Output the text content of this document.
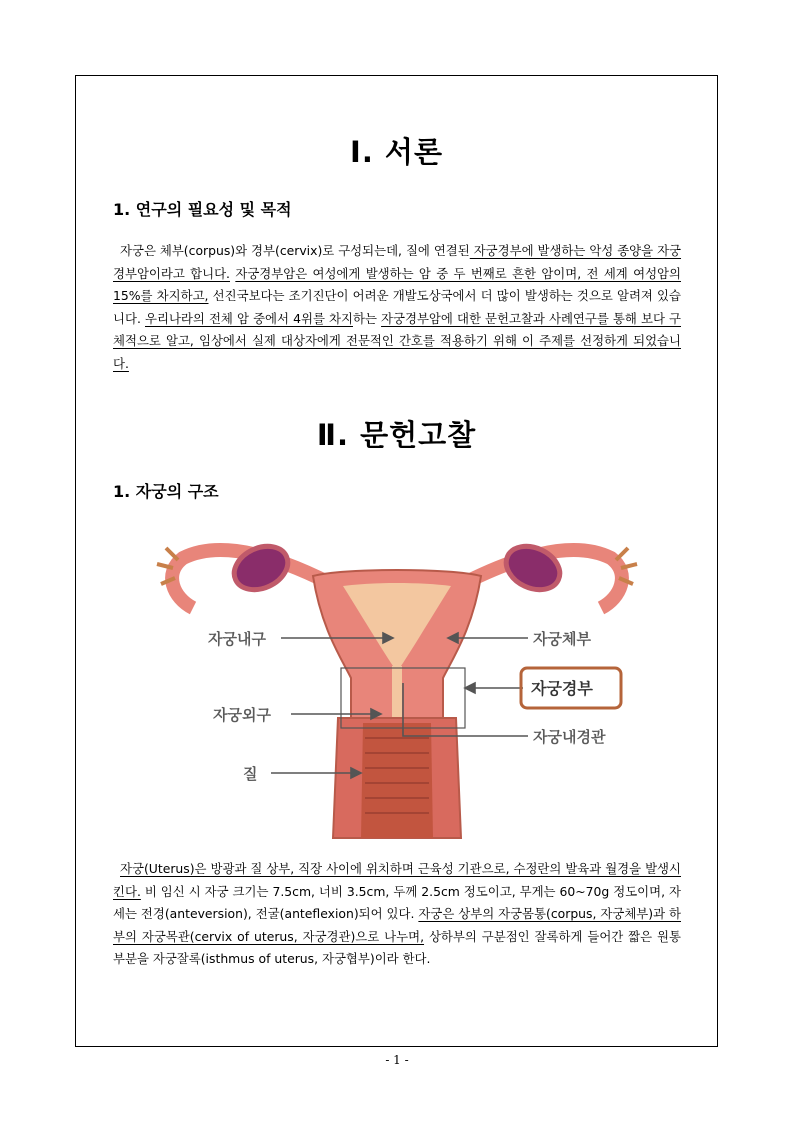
Ⅰ. 서론
1. 연구의 필요성 및 목적
자궁은 체부(corpus)와 경부(cervix)로 구성되는데, 질에 연결된 자궁경부에 발생하는 악성 종양을 자궁경부암이라고 합니다. 자궁경부암은 여성에게 발생하는 암 중 두 번째로 흔한 암이며, 전 세계 여성암의 15%를 차지하고, 선진국보다는 조기진단이 어려운 개발도상국에서 더 많이 발생하는 것으로 알려져 있습니다. 우리나라의 전체 암 중에서 4위를 차지하는 자궁경부암에 대한 문헌고찰과 사례연구를 통해 보다 구체적으로 알고, 임상에서 실제 대상자에게 전문적인 간호를 적용하기 위해 이 주제를 선정하게 되었습니다.
Ⅱ. 문헌고찰
1. 자궁의 구조
자궁내구	자궁체부
자궁경부
자궁외구
자궁내경관
질
자궁(Uterus)은 방광과 질 상부, 직장 사이에 위치하며 근육성 기관으로, 수정란의 발육과 월경을 발생시킨다. 비 임신 시 자궁 크기는 7.5cm, 너비 3.5cm, 두께 2.5cm 정도이고, 무게는 60~70g 정도이며, 자세는 전경(anteversion), 전굴(anteflexion)되어 있다. 자궁은 상부의 자궁몸통(corpus, 자궁체부)과 하부의 자궁목관(cervix of uterus, 자궁경관)으로 나누며, 상하부의 구분점인 잘록하게 들어간 짧은 원통부분을 자궁잘록(isthmus of uterus, 자궁협부)이라 한다.
- 1 -
